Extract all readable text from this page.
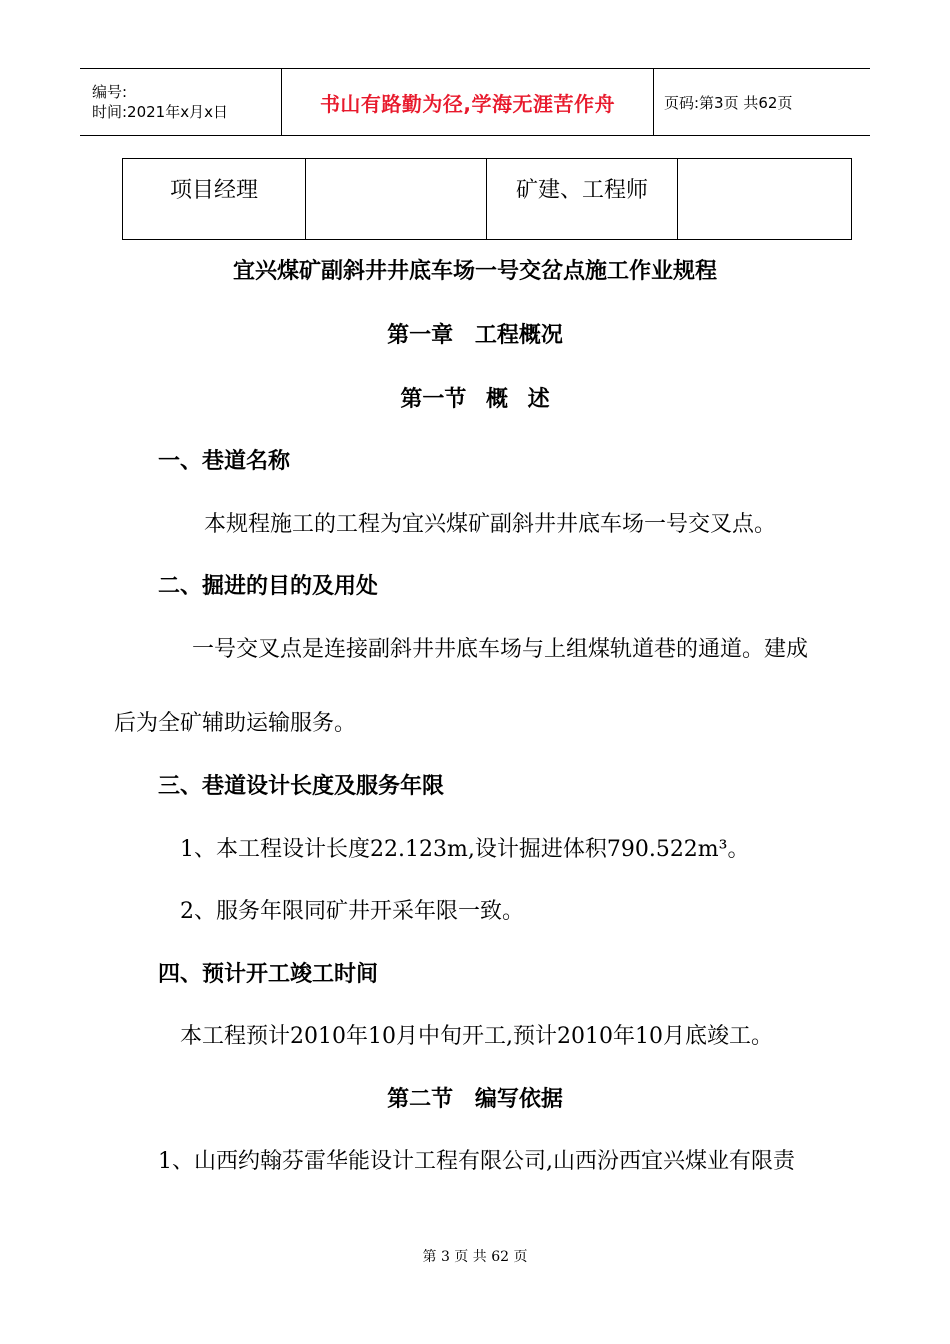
编号:
时间:2021年x月x日	书山有路勤为径,学海无涯苦作舟	页码:第3页 共62页
项目经理		矿建、工程师	
宜兴煤矿副斜井井底车场一号交岔点施工作业规程
第一章 工程概况
第一节 概 述
一、巷道名称
本规程施工的工程为宜兴煤矿副斜井井底车场一号交叉点。
二、掘进的目的及用处
一号交叉点是连接副斜井井底车场与上组煤轨道巷的通道。建成
后为全矿辅助运输服务。
三、巷道设计长度及服务年限
1、本工程设计长度22.123m,设计掘进体积790.522m³。
2、服务年限同矿井开采年限一致。
四、预计开工竣工时间
本工程预计2010年10月中旬开工,预计2010年10月底竣工。
第二节 编写依据
1、山西约翰芬雷华能设计工程有限公司,山西汾西宜兴煤业有限责
第 3 页 共 62 页
